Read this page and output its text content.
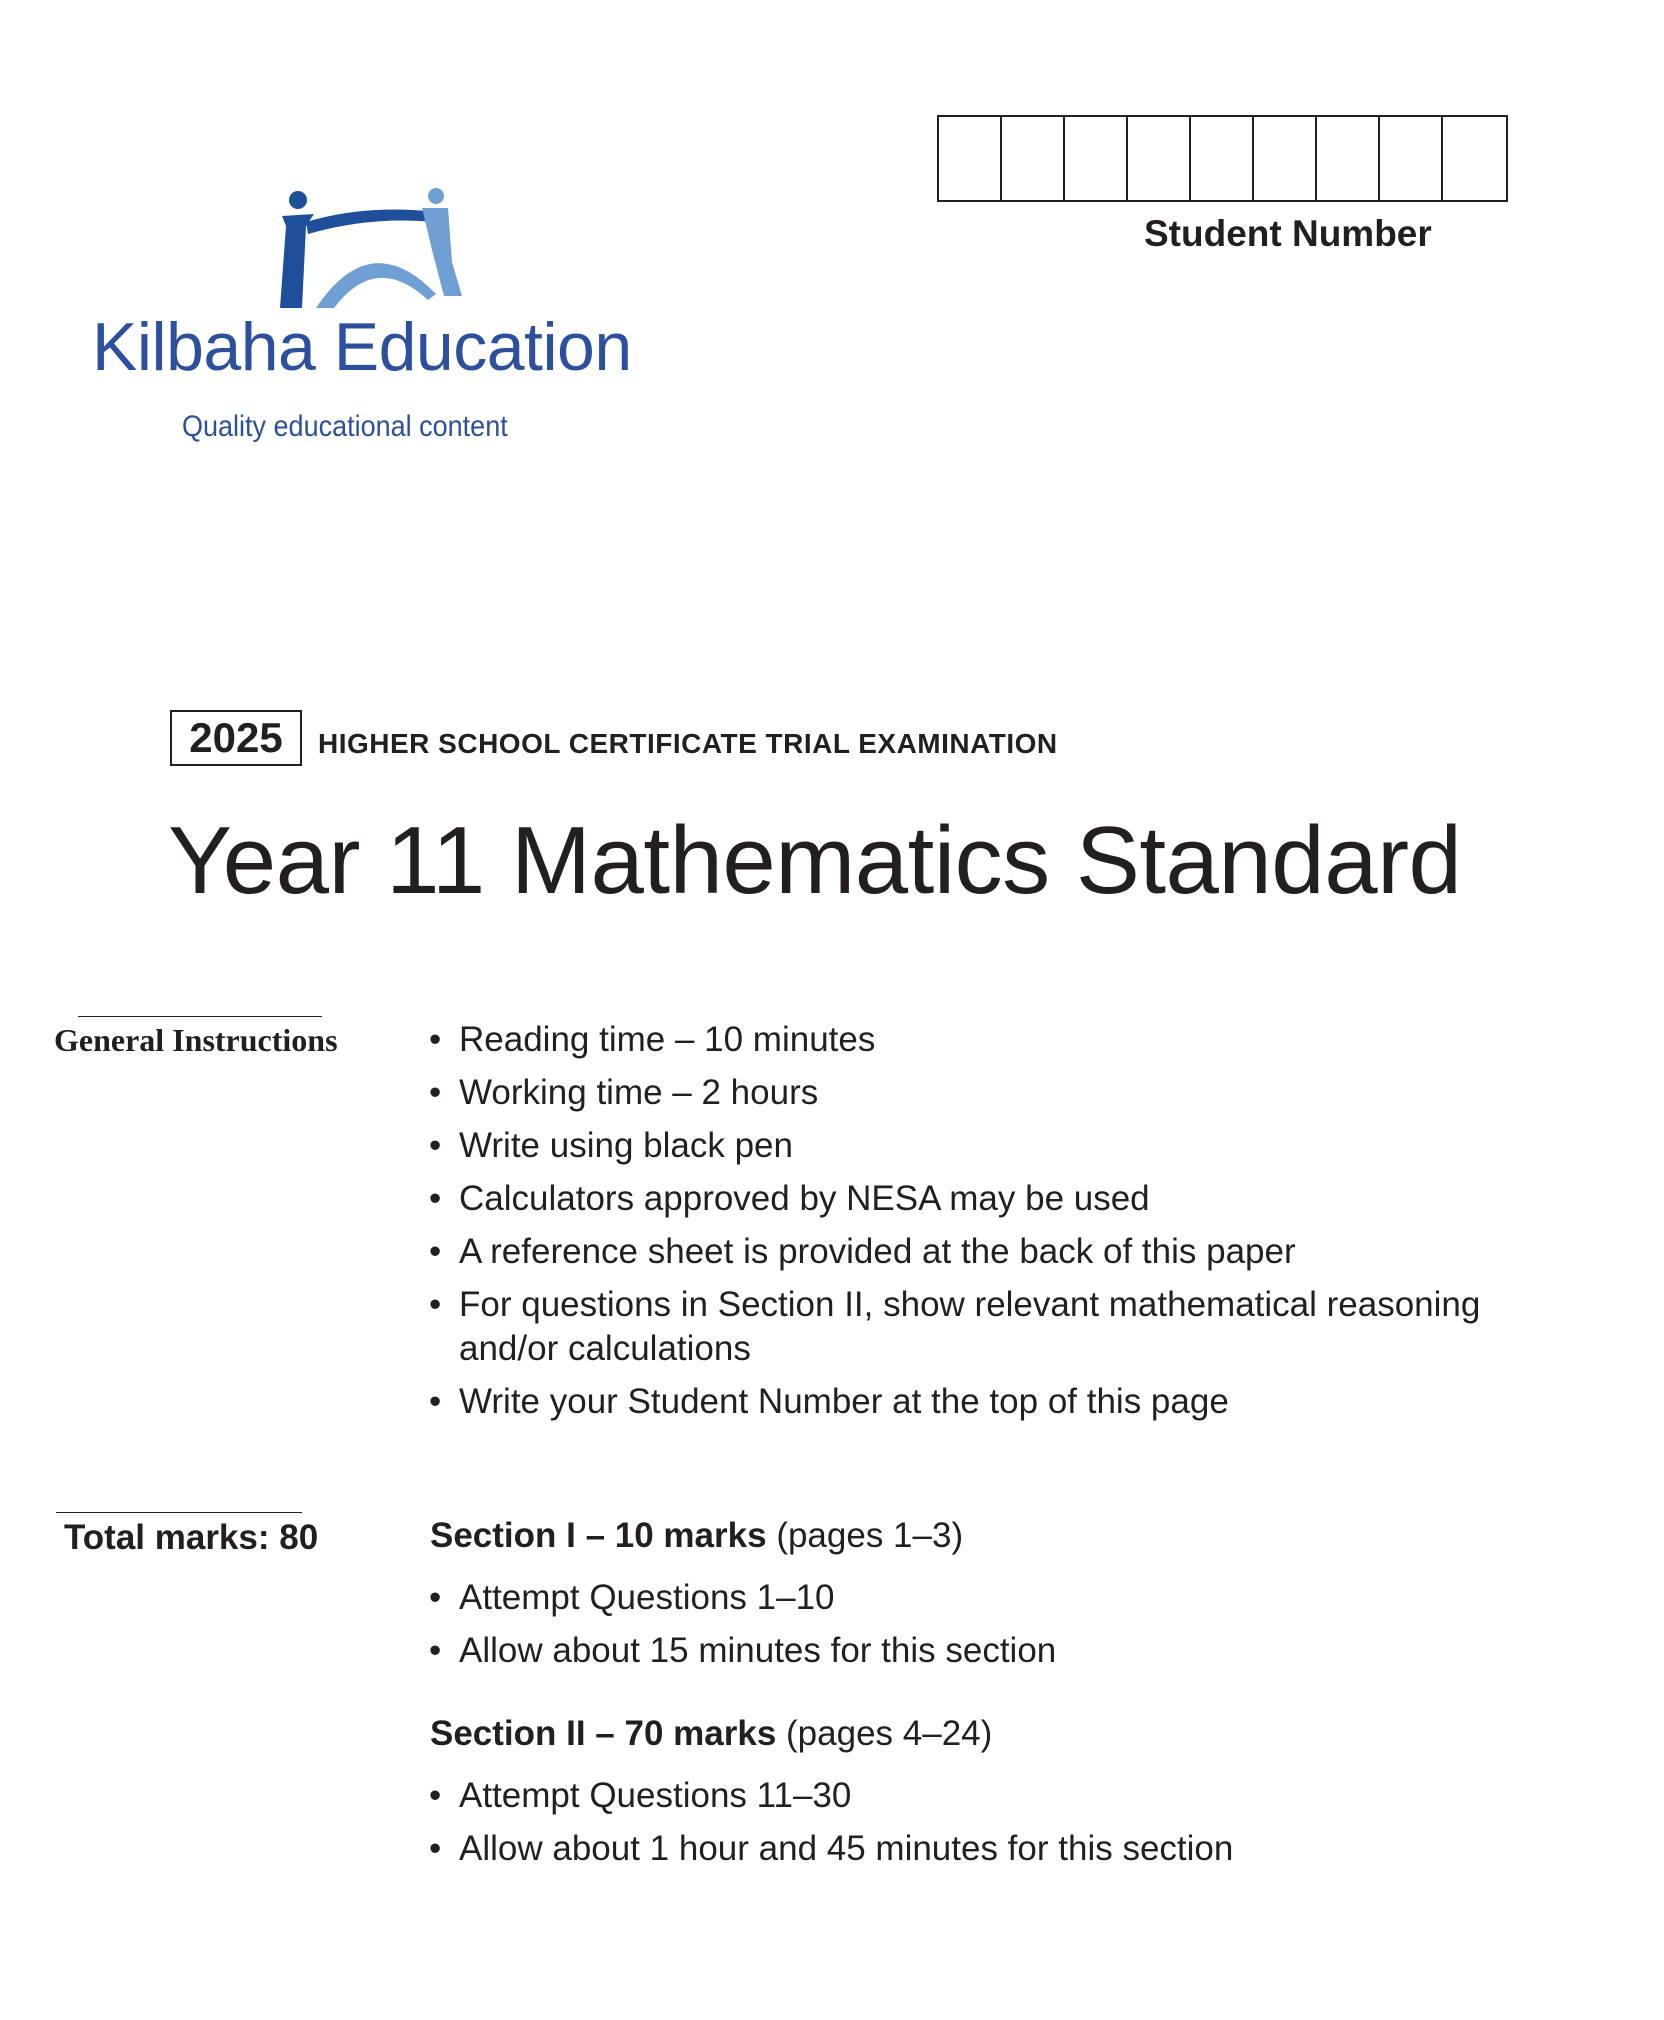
Kilbaha Education
Quality educational content
Student Number
2025	HIGHER SCHOOL CERTIFICATE TRIAL EXAMINATION
Year 11 Mathematics Standard
General Instructions	• Reading time – 10 minutes
• Working time – 2 hours
• Write using black pen
• Calculators approved by NESA may be used
• A reference sheet is provided at the back of this paper
• For questions in Section II, show relevant mathematical reasoning and/or calculations
• Write your Student Number at the top of this page
Total marks: 80	Section I – 10 marks (pages 1–3)
• Attempt Questions 1–10
• Allow about 15 minutes for this section
Section II – 70 marks (pages 4–24)
• Attempt Questions 11–30
• Allow about 1 hour and 45 minutes for this section
